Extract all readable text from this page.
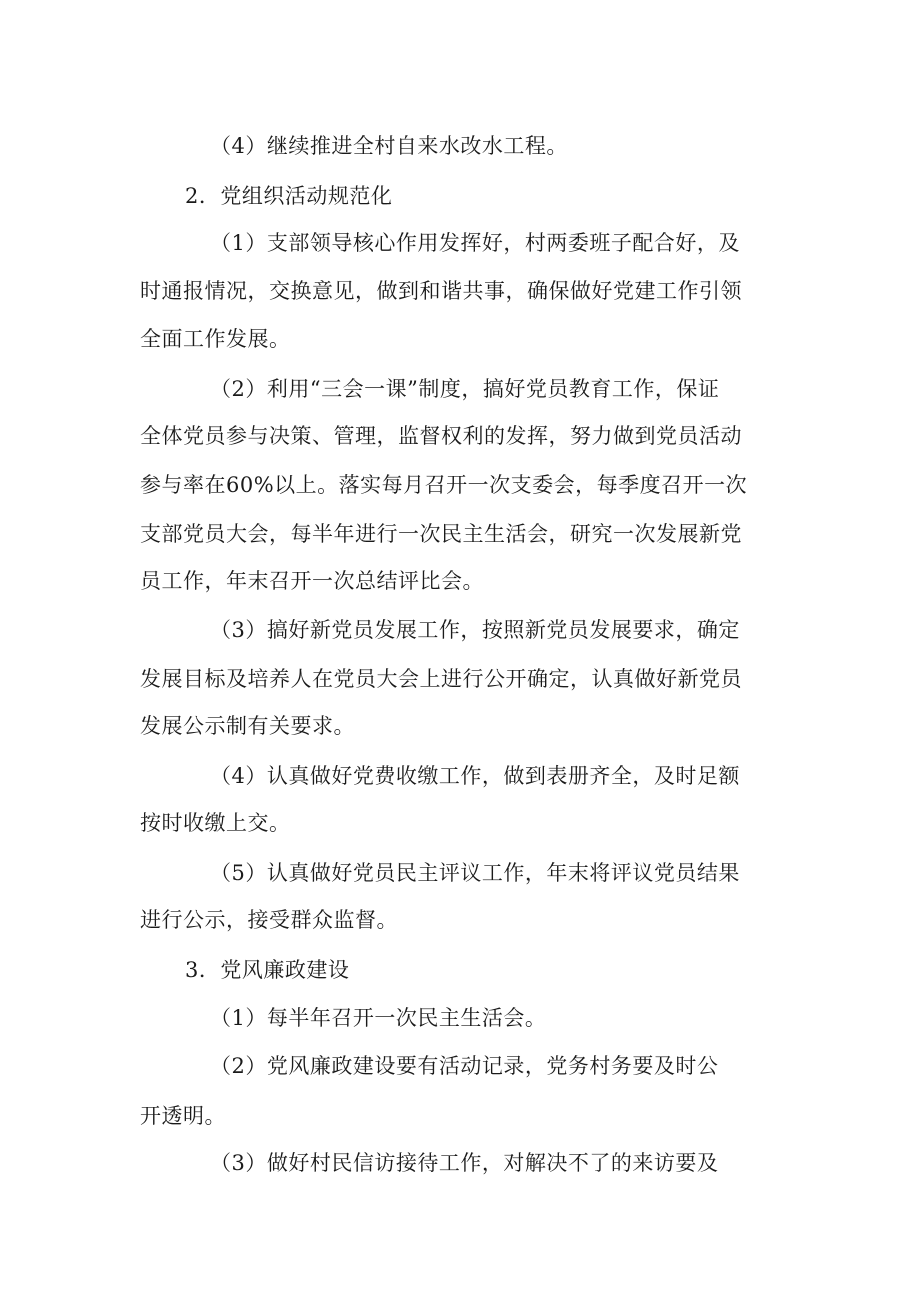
（4）继续推进全村自来水改水工程。
2．党组织活动规范化
（1）支部领导核心作用发挥好，村两委班子配合好，及
时通报情况，交换意见，做到和谐共事，确保做好党建工作引领
全面工作发展。
（2）利用“三会一课”制度，搞好党员教育工作，保证
全体党员参与决策、管理，监督权利的发挥，努力做到党员活动
参与率在60%以上。落实每月召开一次支委会，每季度召开一次
支部党员大会，每半年进行一次民主生活会，研究一次发展新党
员工作，年末召开一次总结评比会。
（3）搞好新党员发展工作，按照新党员发展要求，确定
发展目标及培养人在党员大会上进行公开确定，认真做好新党员
发展公示制有关要求。
（4）认真做好党费收缴工作，做到表册齐全，及时足额
按时收缴上交。
（5）认真做好党员民主评议工作，年末将评议党员结果
进行公示，接受群众监督。
3．党风廉政建设
（1）每半年召开一次民主生活会。
（2）党风廉政建设要有活动记录，党务村务要及时公
开透明。
（3）做好村民信访接待工作，对解决不了的来访要及
